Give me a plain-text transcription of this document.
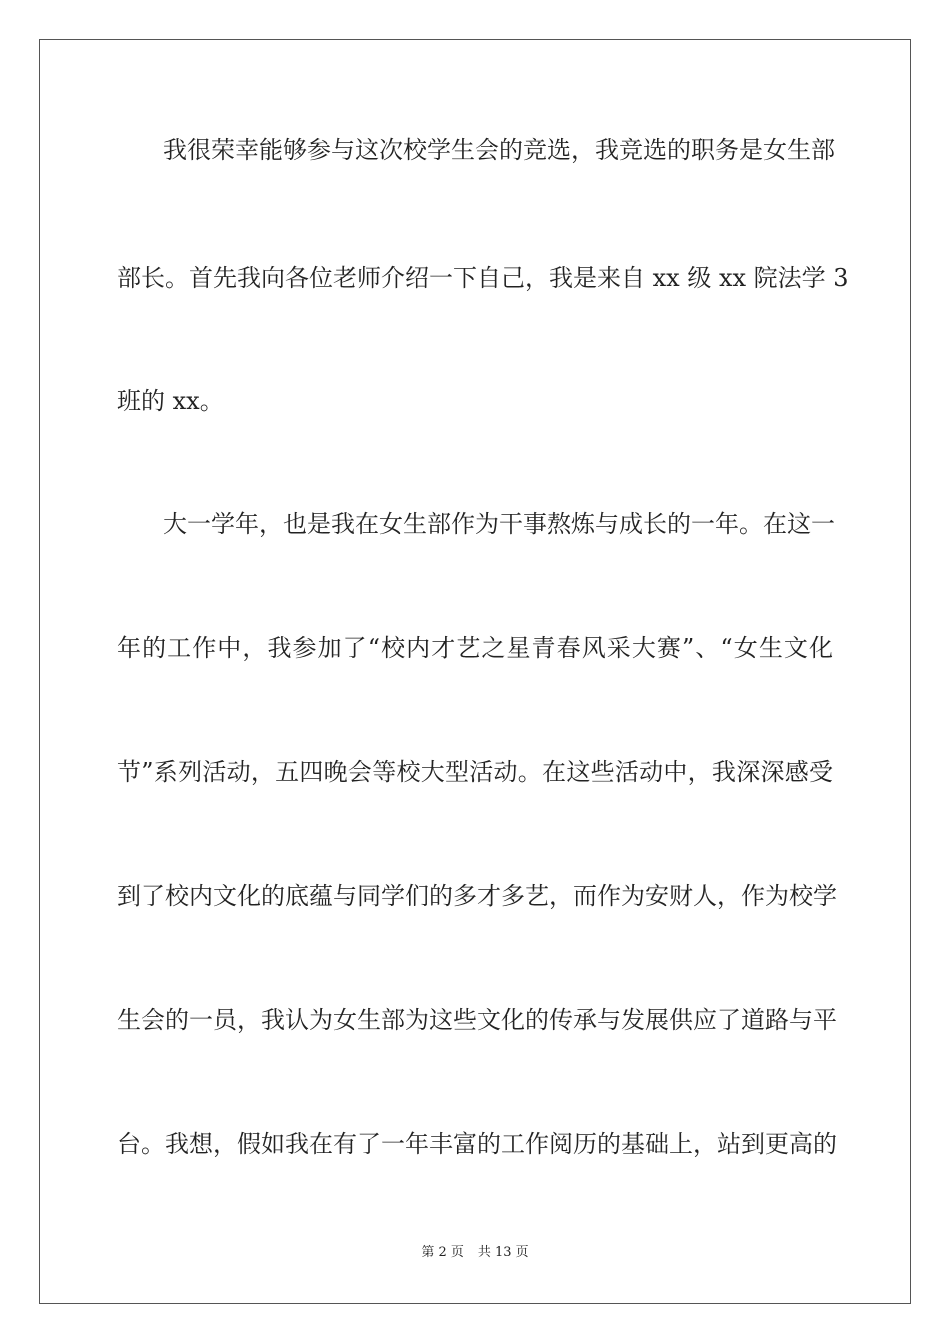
我很荣幸能够参与这次校学生会的竞选，我竞选的职务是女生部
部长。首先我向各位老师介绍一下自己，我是来自 xx 级 xx 院法学 3
班的 xx。
大一学年，也是我在女生部作为干事熬炼与成长的一年。在这一
年的工作中，我参加了“校内才艺之星青春风采大赛”、“女生文化
节”系列活动，五四晚会等校大型活动。在这些活动中，我深深感受
到了校内文化的底蕴与同学们的多才多艺，而作为安财人，作为校学
生会的一员，我认为女生部为这些文化的传承与发展供应了道路与平
台。我想，假如我在有了一年丰富的工作阅历的基础上，站到更高的
第 2 页 共 13 页
